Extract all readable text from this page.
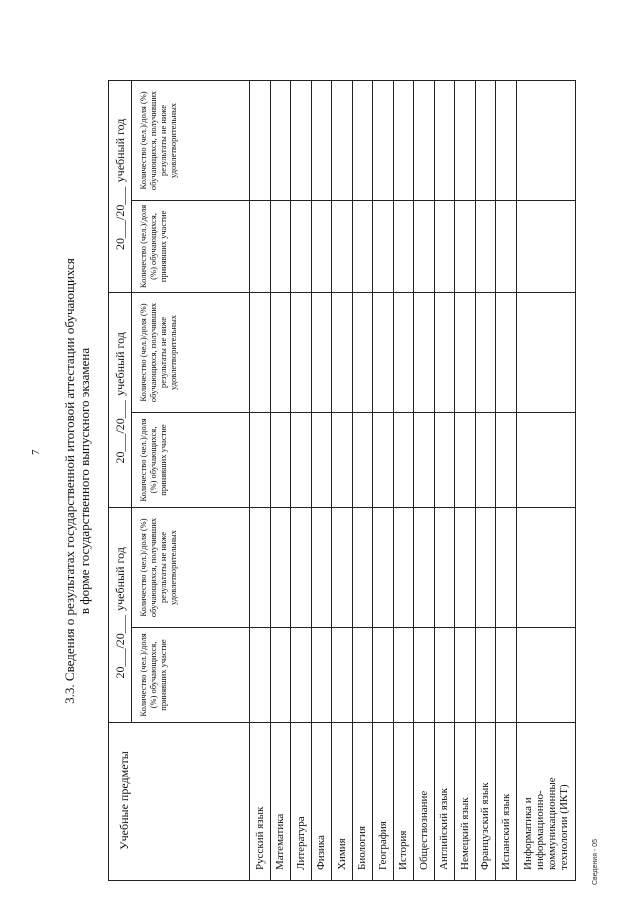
7
Сведения - 05
3.3. Сведения о результатах государственной итоговой аттестации обучающихся в форме государственного выпускного экзамена
Учебные предметы	20___/20___учебный год		20___/20___учебный год		20___/20___учебный год	
	Количество (чел.)/доля (%) обучающихся, принявших участие	Количество (чел.)/доля (%) обучающихся, получивших результаты не ниже удовлетворительных	Количество (чел.)/доля (%) обучающихся, принявших участие	Количество (чел.)/доля (%) обучающихся, получивших результаты не ниже удовлетворительных	Количество (чел.)/доля (%) обучающихся, принявших участие	Количество (чел.)/доля (%) обучающихся, получивших результаты не ниже удовлетворительных
Русский язык						
Математика						
Литература						
Физика						
Химия						
Биология						
География						
История						
Обществознание						
Английский язык						
Немецкий язык						
Французский язык						
Испанский язык						
Информатика и информационно-коммуникационные технологии (ИКТ)						
